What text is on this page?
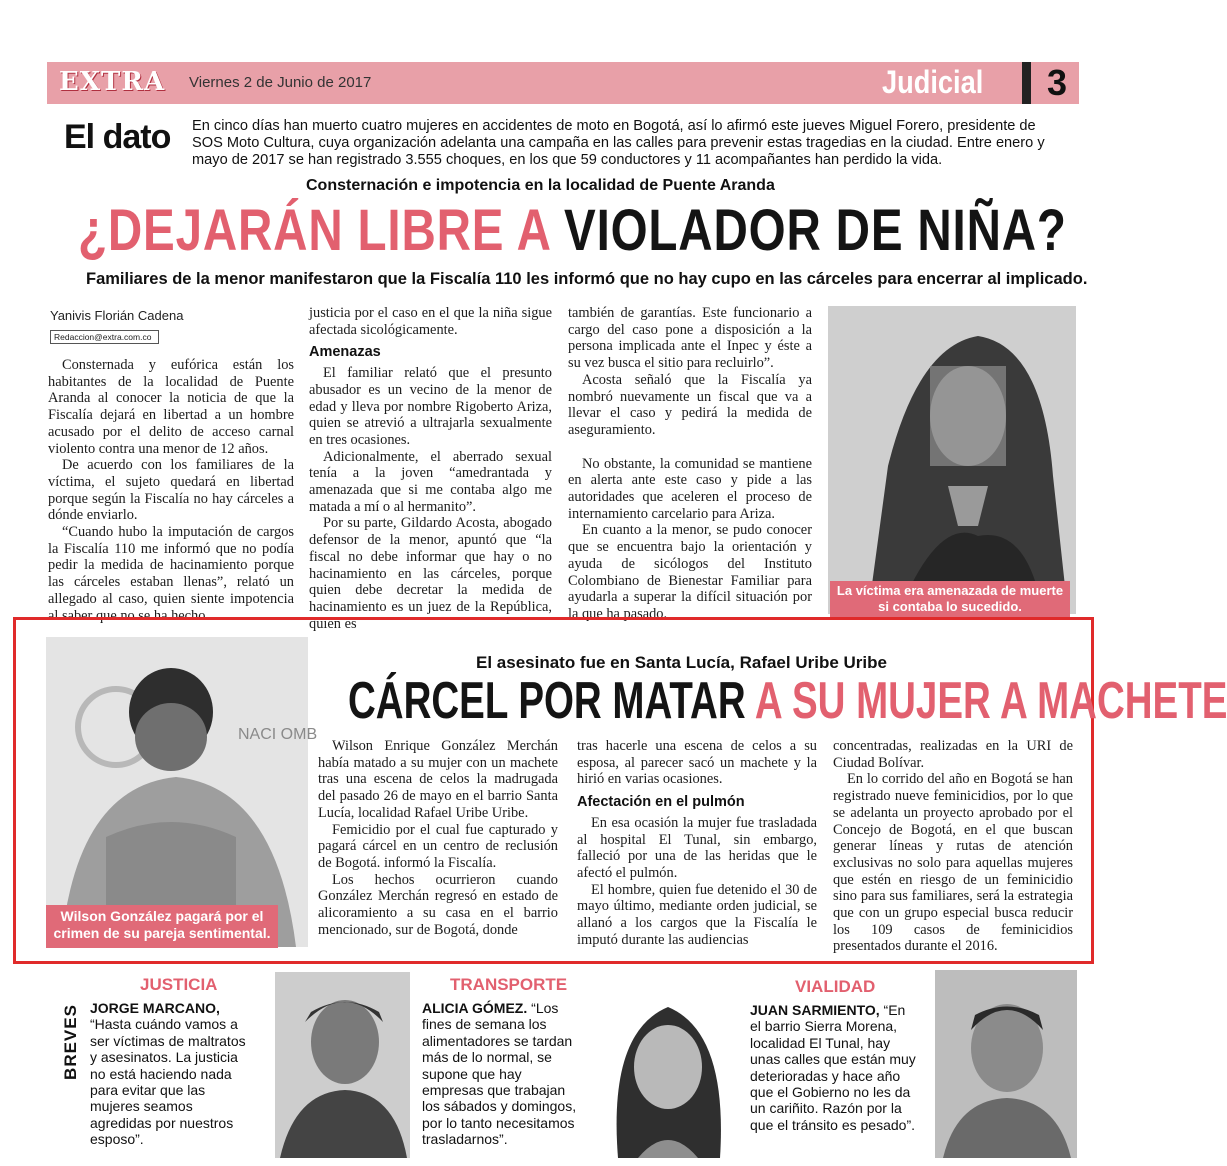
EXTRA Viernes 2 de Junio de 2017	Judicial 3
El dato En cinco días han muerto cuatro mujeres en accidentes de moto en Bogotá, así lo afirmó este jueves Miguel Forero, presidente de SOS Moto Cultura, cuya organización adelanta una campaña en las calles para prevenir estas tragedias en la ciudad. Entre enero y mayo de 2017 se han registrado 3.555 choques, en los que 59 conductores y 11 acompañantes han perdido la vida.
Consternación e impotencia en la localidad de Puente Aranda
¿DEJARÁN LIBRE A VIOLADOR DE NIÑA?
Familiares de la menor manifestaron que la Fiscalía 110 les informó que no hay cupo en las cárceles para encerrar al implicado.
Yanivis Florián Cadena
Redaccion@extra.com.co

Consternada y eufórica están los habitantes de la localidad de Puente Aranda al conocer la noticia de que la Fiscalía dejará en libertad a un hombre acusado por el delito de acceso carnal violento contra una menor de 12 años.

De acuerdo con los familiares de la víctima, el sujeto quedará en libertad porque según la Fiscalía no hay cárceles a dónde enviarlo.

“Cuando hubo la imputación de cargos la Fiscalía 110 me informó que no podía pedir la medida de hacinamiento porque las cárceles estaban llenas”, relató un allegado al caso, quien siente impotencia al saber que no se ha hecho

justicia por el caso en el que la niña sigue afectada sicológicamente.

Amenazas

El familiar relató que el presunto abusador es un vecino de la menor de edad y lleva por nombre Rigoberto Ariza, quien se atrevió a ultrajarla sexualmente en tres ocasiones.

Adicionalmente, el aberrado sexual tenía a la joven “amedrantada y amenazada que si me contaba algo me matada a mí o al hermanito”.

Por su parte, Gildardo Acosta, abogado defensor de la menor, apuntó que “la fiscal no debe informar que hay o no hacinamiento en las cárceles, porque quien debe decretar la medida de hacinamiento es un juez de la República, quien es

también de garantías. Este funcionario a cargo del caso pone a disposición a la persona implicada ante el Inpec y éste a su vez busca el sitio para recluirlo”.

Acosta señaló que la Fiscalía ya nombró nuevamente un fiscal que va a llevar el caso y pedirá la medida de aseguramiento.

No obstante, la comunidad se mantiene en alerta ante este caso y pide a las autoridades que aceleren el proceso de internamiento carcelario para Ariza.

En cuanto a la menor, se pudo conocer que se encuentra bajo la orientación y ayuda de sicólogos del Instituto Colombiano de Bienestar Familiar para ayudarla a superar la difícil situación por la que ha pasado.

La víctima era amenazada de muerte si contaba lo sucedido.
El asesinato fue en Santa Lucía, Rafael Uribe Uribe
CÁRCEL POR MATAR A SU MUJER A MACHETE
NACI OMB
Wilson González pagará por el crimen de su pareja sentimental.

Wilson Enrique González Merchán había matado a su mujer con un machete tras una escena de celos la madrugada del pasado 26 de mayo en el barrio Santa Lucía, localidad Rafael Uribe Uribe.

Femicidio por el cual fue capturado y pagará cárcel en un centro de reclusión de Bogotá. informó la Fiscalía.

Los hechos ocurrieron cuando González Merchán regresó en estado de alicoramiento a su casa en el barrio mencionado, sur de Bogotá, donde

tras hacerle una escena de celos a su esposa, al parecer sacó un machete y la hirió en varias ocasiones.

Afectación en el pulmón

En esa ocasión la mujer fue trasladada al hospital El Tunal, sin embargo, falleció por una de las heridas que le afectó el pulmón.

El hombre, quien fue detenido el 30 de mayo último, mediante orden judicial, se allanó a los cargos que la Fiscalía le imputó durante las audiencias

concentradas, realizadas en la URI de Ciudad Bolívar.

En lo corrido del año en Bogotá se han registrado nueve feminicidios, por lo que se adelanta un proyecto aprobado por el Concejo de Bogotá, en el que buscan generar líneas y rutas de atención exclusivas no solo para aquellas mujeres que estén en riesgo de un feminicidio sino para sus familiares, será la estrategia que con un grupo especial busca reducir los 109 casos de feminicidios presentados durante el 2016.

BREVES
JUSTICIA
JORGE MARCANO, “Hasta cuándo vamos a ser víctimas de maltratos y asesinatos. La justicia no está haciendo nada para evitar que las mujeres seamos agredidas por nuestros esposo”.
TRANSPORTE
ALICIA GÓMEZ. “Los fines de semana los alimentadores se tardan más de lo normal, se supone que hay empresas que trabajan los sábados y domingos, por lo tanto necesitamos trasladarnos”.
VIALIDAD
JUAN SARMIENTO, “En el barrio Sierra Morena, localidad El Tunal, hay unas calles que están muy deterioradas y hace año que el Gobierno no les da un cariñito. Razón por la que el tránsito es pesado”.
